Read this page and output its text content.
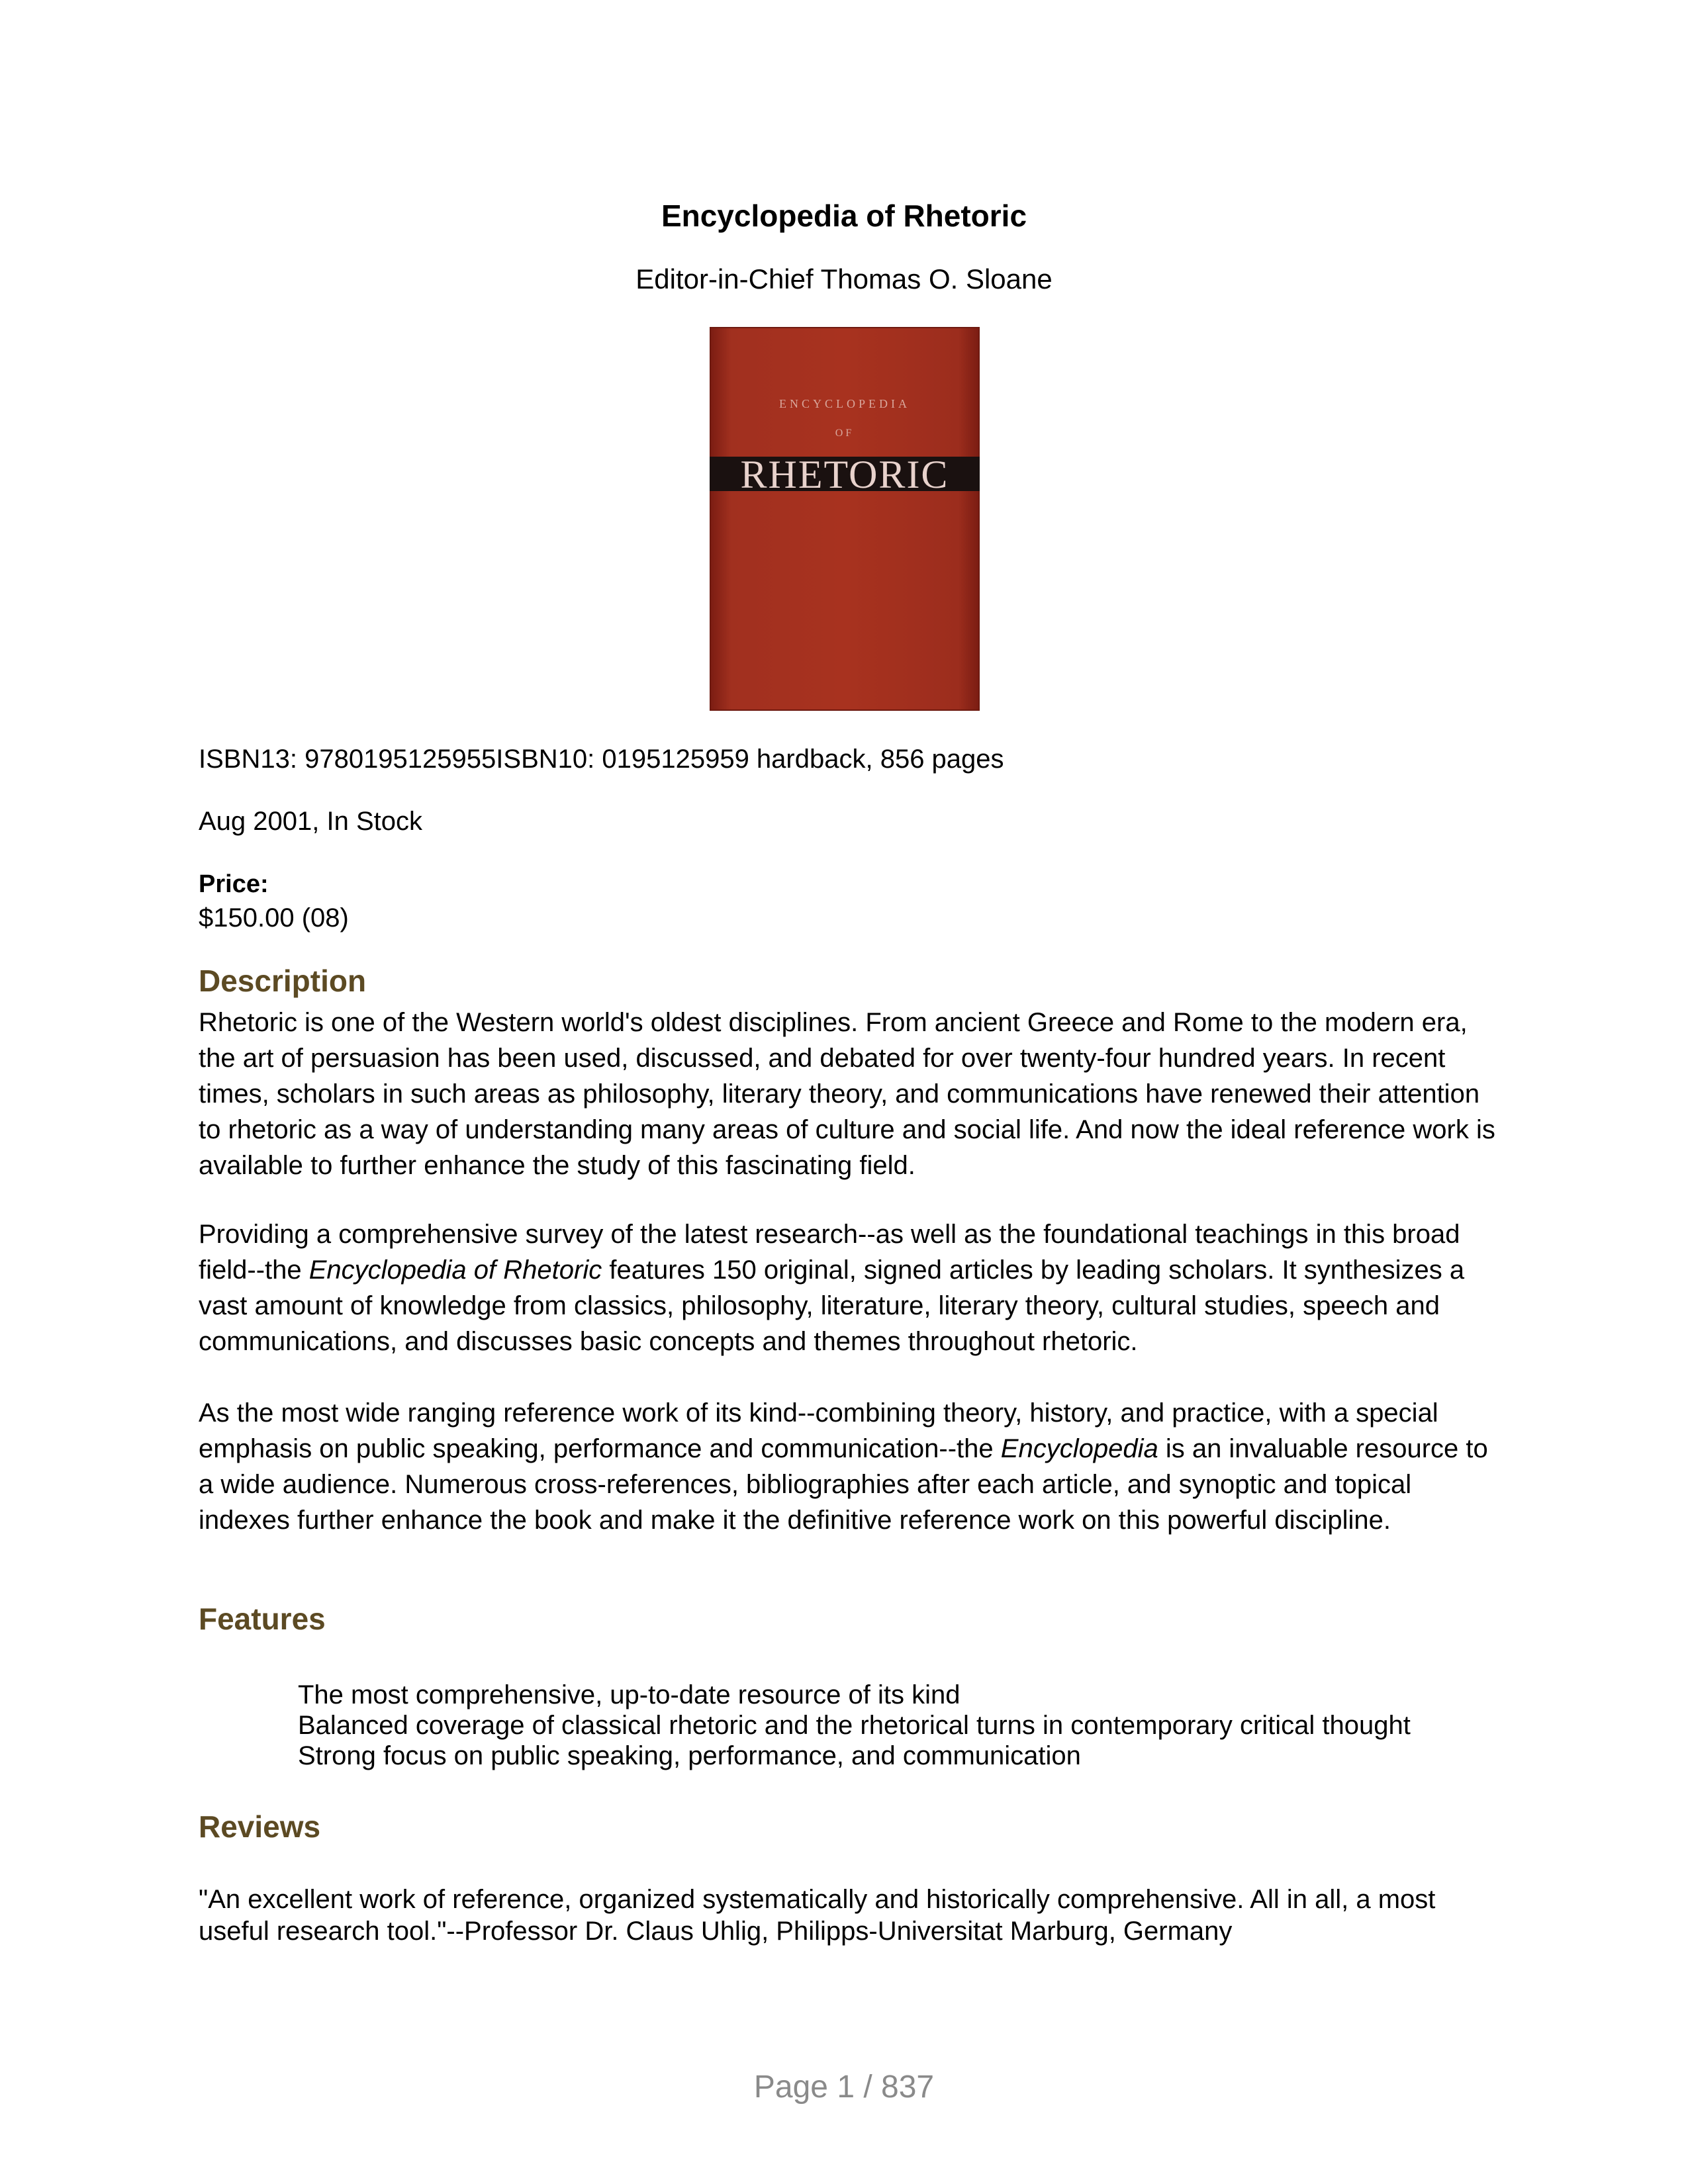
Encyclopedia of Rhetoric
Editor-in-Chief Thomas O. Sloane
ENCYCLOPEDIA
OF
RHETORIC
ISBN13: 9780195125955ISBN10: 0195125959 hardback, 856 pages
Aug 2001, In Stock
Price:
$150.00 (08)
Description

Rhetoric is one of the Western world's oldest disciplines. From ancient Greece and Rome to the modern era, the art of persuasion has been used, discussed, and debated for over twenty-four hundred years. In recent times, scholars in such areas as philosophy, literary theory, and communications have renewed their attention to rhetoric as a way of understanding many areas of culture and social life. And now the ideal reference work is available to further enhance the study of this fascinating field.

Providing a comprehensive survey of the latest research--as well as the foundational teachings in this broad field--the Encyclopedia of Rhetoric features 150 original, signed articles by leading scholars. It synthesizes a vast amount of knowledge from classics, philosophy, literature, literary theory, cultural studies, speech and communications, and discusses basic concepts and themes throughout rhetoric.

As the most wide ranging reference work of its kind--combining theory, history, and practice, with a special emphasis on public speaking, performance and communication--the Encyclopedia is an invaluable resource to a wide audience. Numerous cross-references, bibliographies after each article, and synoptic and topical indexes further enhance the book and make it the definitive reference work on this powerful discipline.

Features
The most comprehensive, up-to-date resource of its kind
Balanced coverage of classical rhetoric and the rhetorical turns in contemporary critical thought
Strong focus on public speaking, performance, and communication
Reviews

"An excellent work of reference, organized systematically and historically comprehensive. All in all, a most useful research tool."--Professor Dr. Claus Uhlig, Philipps-Universitat Marburg, Germany

Page 1 / 837
